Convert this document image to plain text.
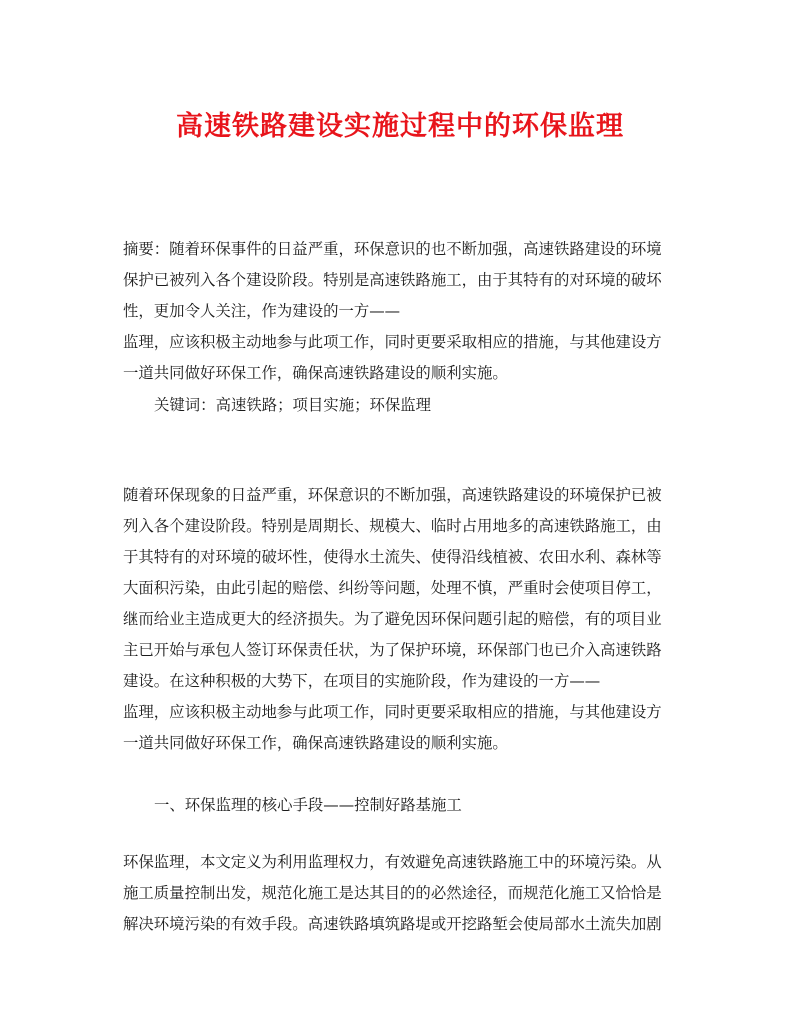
高速铁路建设实施过程中的环保监理

摘要：随着环保事件的日益严重，环保意识的也不断加强，高速铁路建设的环境

保护已被列入各个建设阶段。特别是高速铁路施工，由于其特有的对环境的破坏

性，更加令人关注，作为建设的一方——

监理，应该积极主动地参与此项工作，同时更要采取相应的措施，与其他建设方

一道共同做好环保工作，确保高速铁路建设的顺利实施。

关键词：高速铁路；项目实施；环保监理

随着环保现象的日益严重，环保意识的不断加强，高速铁路建设的环境保护已被

列入各个建设阶段。特别是周期长、规模大、临时占用地多的高速铁路施工，由

于其特有的对环境的破坏性，使得水土流失、使得沿线植被、农田水利、森林等

大面积污染，由此引起的赔偿、纠纷等问题，处理不慎，严重时会使项目停工，

继而给业主造成更大的经济损失。为了避免因环保问题引起的赔偿，有的项目业

主已开始与承包人签订环保责任状，为了保护环境，环保部门也已介入高速铁路

建设。在这种积极的大势下，在项目的实施阶段，作为建设的一方——

监理，应该积极主动地参与此项工作，同时更要采取相应的措施，与其他建设方

一道共同做好环保工作，确保高速铁路建设的顺利实施。

一、环保监理的核心手段——控制好路基施工

环保监理，本文定义为利用监理权力，有效避免高速铁路施工中的环境污染。从

施工质量控制出发，规范化施工是达其目的的必然途径，而规范化施工又恰恰是

解决环境污染的有效手段。高速铁路填筑路堤或开挖路堑会使局部水土流失加剧
